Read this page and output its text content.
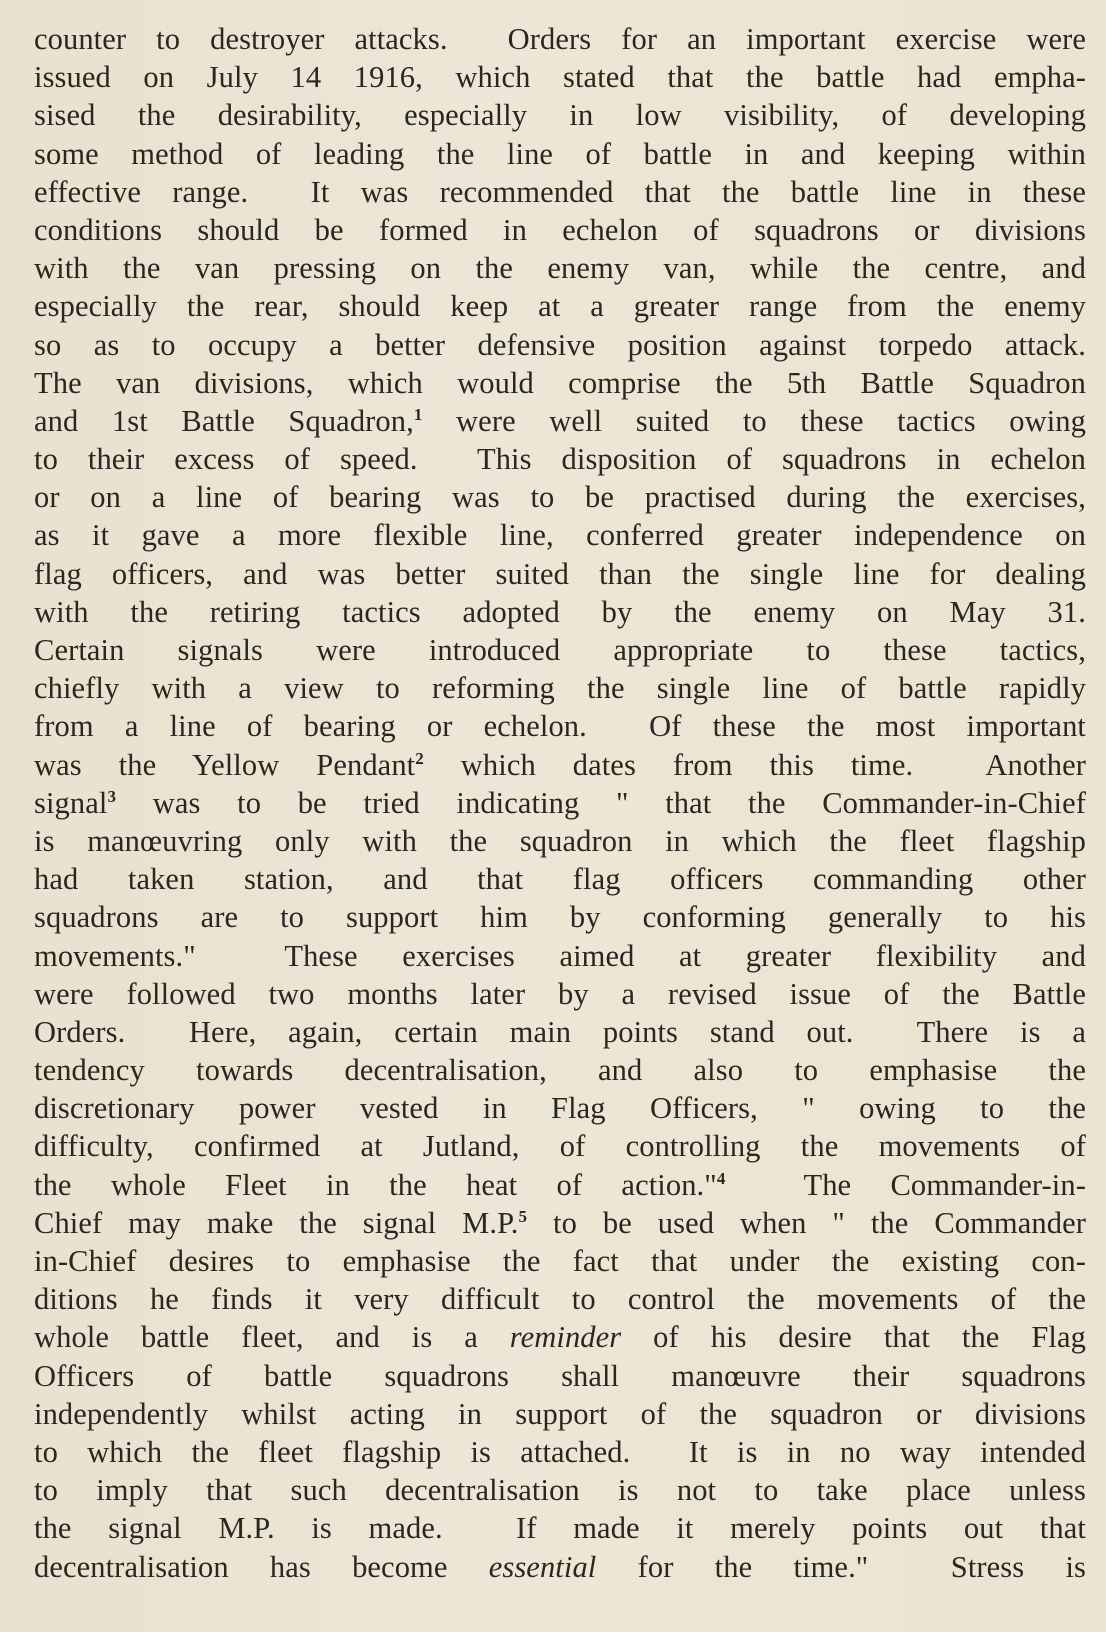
counter to destroyer attacks.  Orders for an important exercise were
issued on July 14 1916, which stated that the battle had empha-
sised the desirability, especially in low visibility, of developing
some method of leading the line of battle in and keeping within
effective range.  It was recommended that the battle line in these
conditions should be formed in echelon of squadrons or divisions
with the van pressing on the enemy van, while the centre, and
especially the rear, should keep at a greater range from the enemy
so as to occupy a better defensive position against torpedo attack.
The van divisions, which would comprise the 5th Battle Squadron
and 1st Battle Squadron,$^1$ were well suited to these tactics owing
to their excess of speed.  This disposition of squadrons in echelon
or on a line of bearing was to be practised during the exercises,
as it gave a more flexible line, conferred greater independence on
flag officers, and was better suited than the single line for dealing
with the retiring tactics adopted by the enemy on May 31.
Certain signals were introduced appropriate to these tactics,
chiefly with a view to reforming the single line of battle rapidly
from a line of bearing or echelon.  Of these the most important
was the Yellow Pendant$^2$ which dates from this time.  Another
signal$^3$ was to be tried indicating " that the Commander-in-Chief
is manœuvring only with the squadron in which the fleet flagship
had taken station, and that flag officers commanding other
squadrons are to support him by conforming generally to his
movements."  These exercises aimed at greater flexibility and
were followed two months later by a revised issue of the Battle
Orders.  Here, again, certain main points stand out.  There is a
tendency towards decentralisation, and also to emphasise the
discretionary power vested in Flag Officers, " owing to the
difficulty, confirmed at Jutland, of controlling the movements of
the whole Fleet in the heat of action."$^4$  The Commander-in-
Chief may make the signal M.P.$^5$ to be used when " the Commander
in-Chief desires to emphasise the fact that under the existing con-
ditions he finds it very difficult to control the movements of the
whole battle fleet, and is a reminder of his desire that the Flag
Officers of battle squadrons shall manœuvre their squadrons
independently whilst acting in support of the squadron or divisions
to which the fleet flagship is attached.  It is in no way intended
to imply that such decentralisation is not to take place unless
the signal M.P. is made.  If made it merely points out that
decentralisation has become essential for the time."  Stress is
